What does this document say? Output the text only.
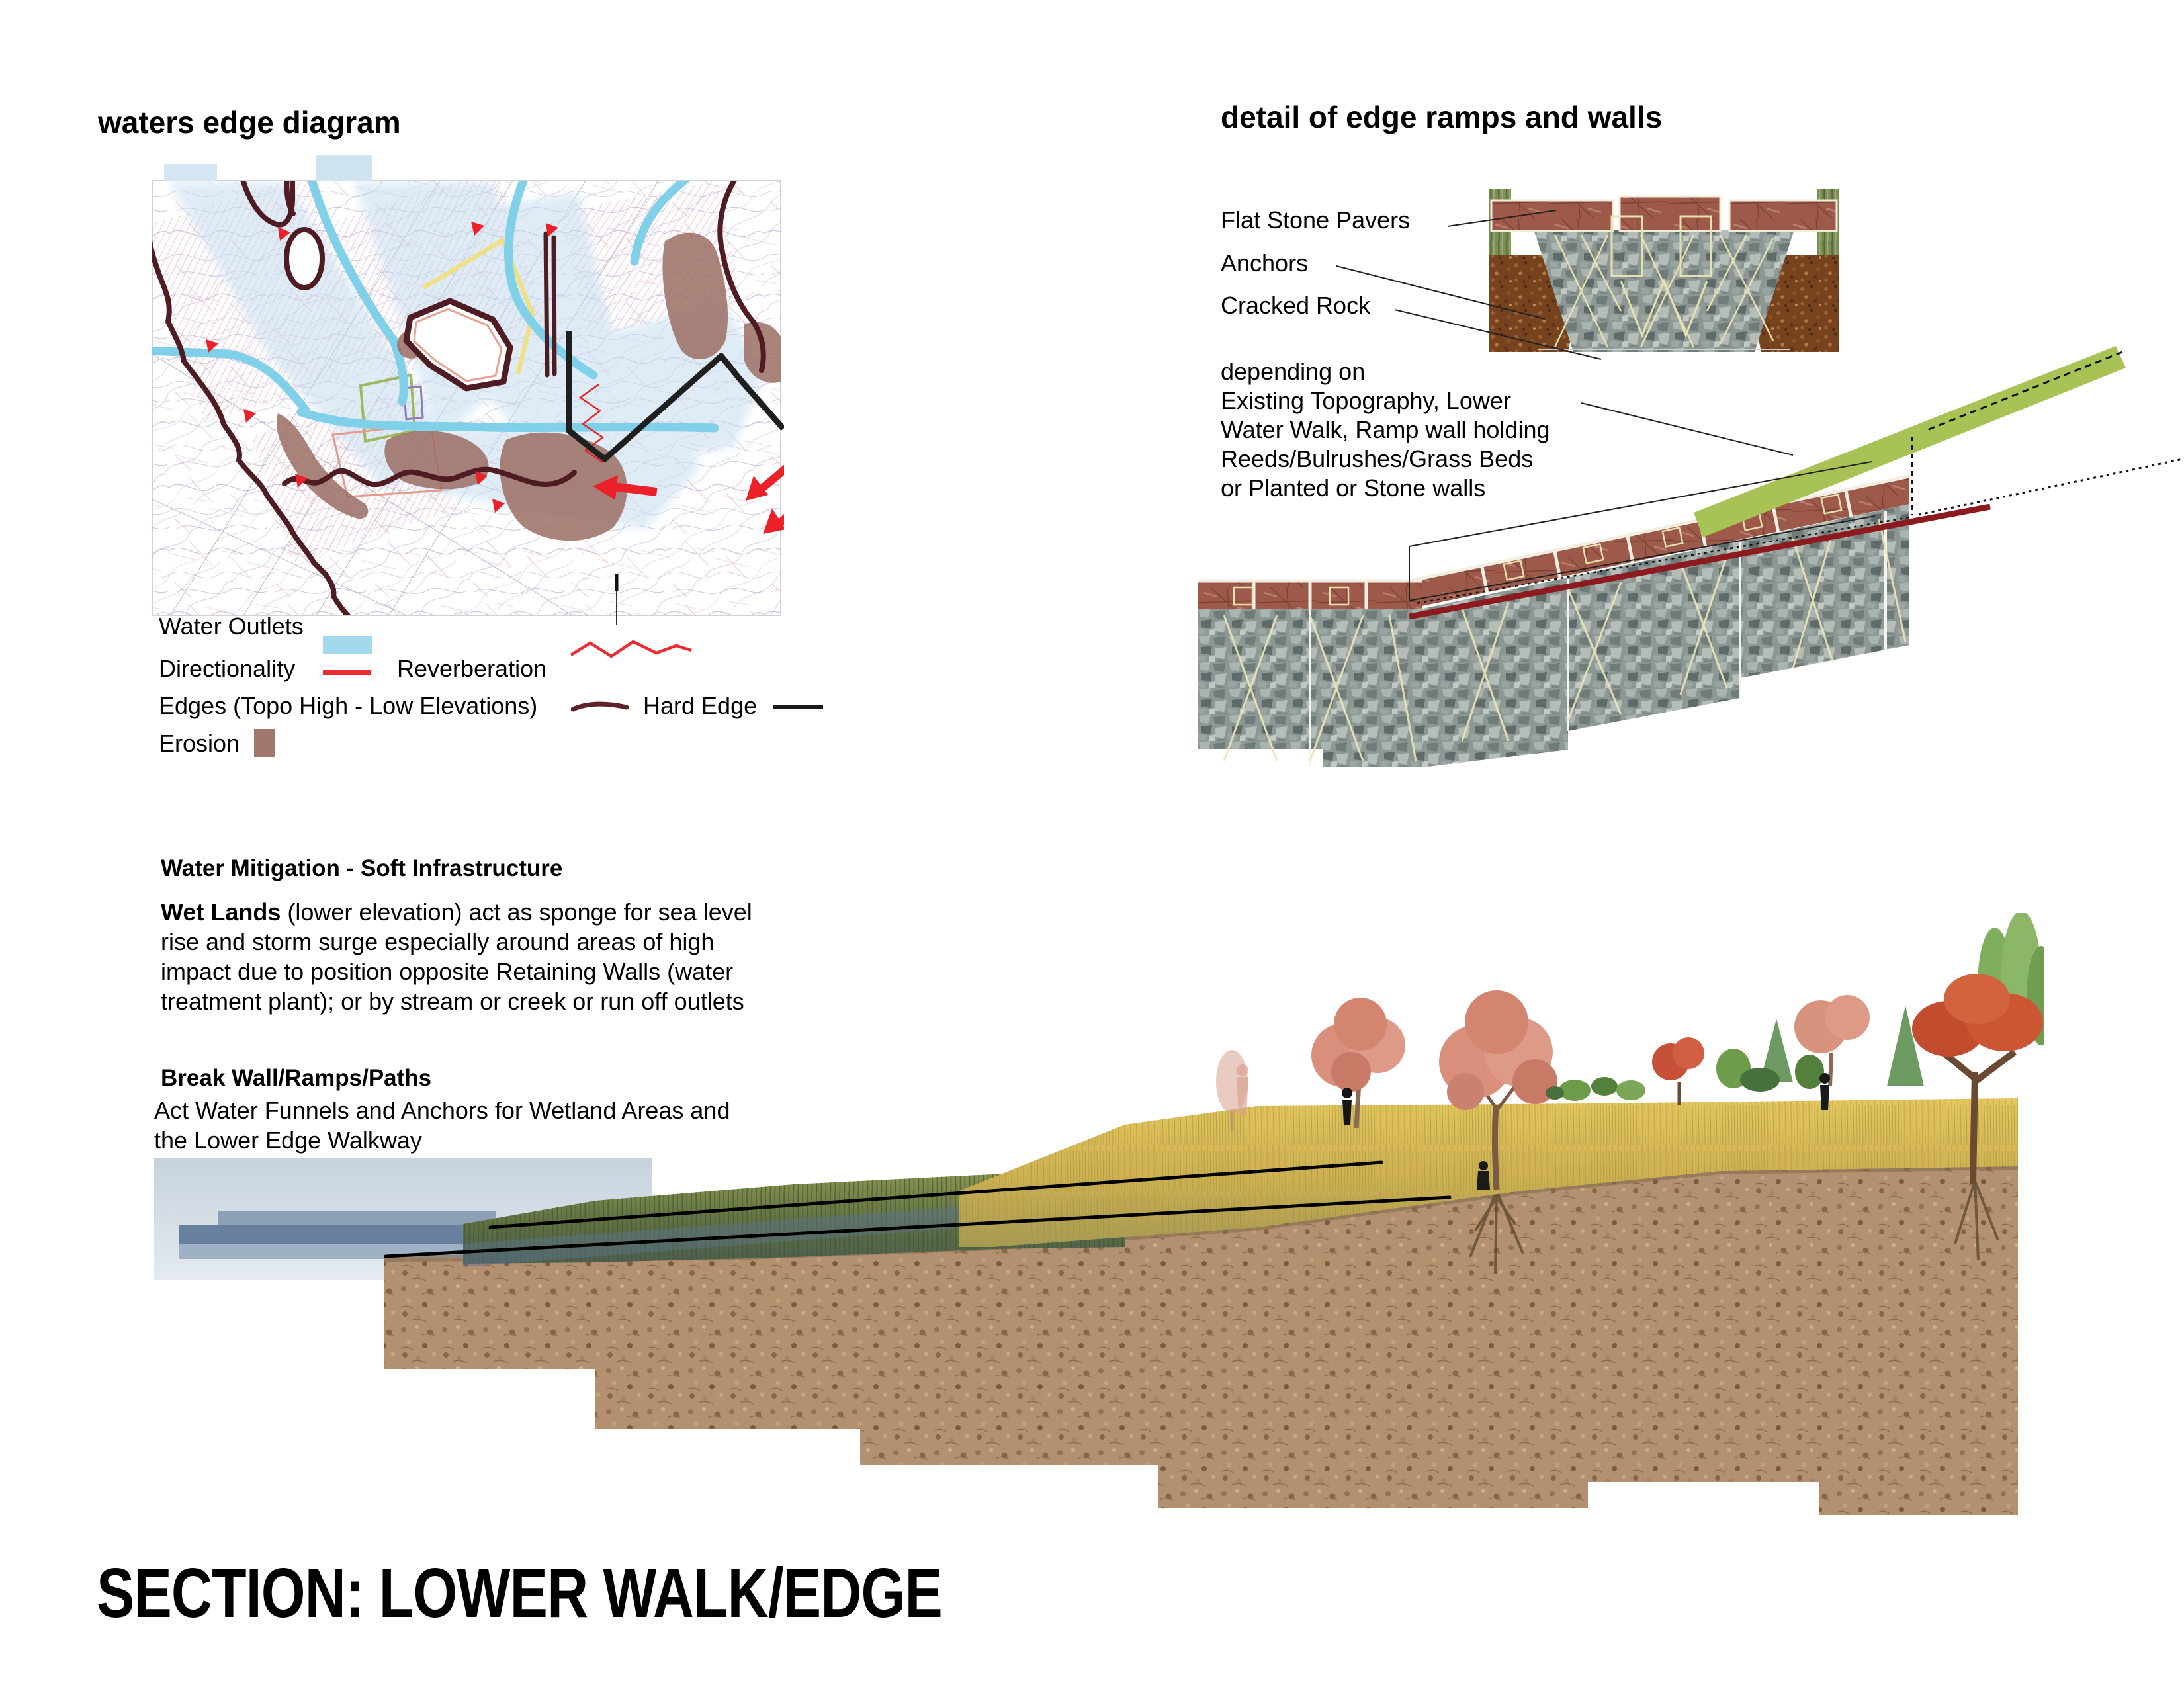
waters edge diagram
Water Outlets
Directionality	Reverberation
Edges (Topo High - Low Elevations)	Hard Edge
Erosion
detail of edge ramps and walls
Flat Stone Pavers
Anchors
Cracked Rock
depending on
Existing Topography, Lower
Water Walk, Ramp wall holding
Reeds/Bulrushes/Grass Beds
or Planted or Stone walls
Water Mitigation - Soft Infrastructure
Wet Lands (lower elevation) act as sponge for sea level
rise and storm surge especially around areas of high
impact due to position opposite Retaining Walls (water
treatment plant); or by stream or creek or run off outlets
Break Wall/Ramps/Paths
Act Water Funnels and Anchors for Wetland Areas and
the Lower Edge Walkway
SECTION: LOWER WALK/EDGE
